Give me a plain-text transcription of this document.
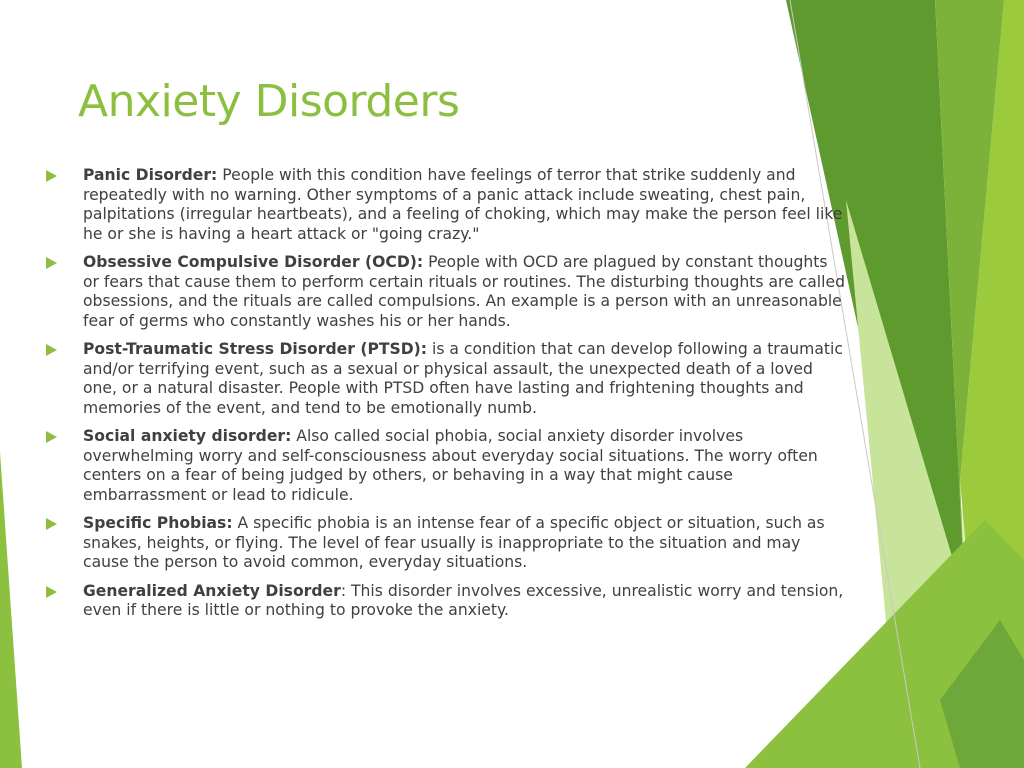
Anxiety Disorders
Panic Disorder: People with this condition have feelings of terror that strike suddenly and repeatedly with no warning. Other symptoms of a panic attack include sweating, chest pain, palpitations (irregular heartbeats), and a feeling of choking, which may make the person feel like he or she is having a heart attack or "going crazy."
Obsessive Compulsive Disorder (OCD): People with OCD are plagued by constant thoughts or fears that cause them to perform certain rituals or routines. The disturbing thoughts are called obsessions, and the rituals are called compulsions. An example is a person with an unreasonable fear of germs who constantly washes his or her hands.
Post-Traumatic Stress Disorder (PTSD): is a condition that can develop following a traumatic and/or terrifying event, such as a sexual or physical assault, the unexpected death of a loved one, or a natural disaster. People with PTSD often have lasting and frightening thoughts and memories of the event, and tend to be emotionally numb.
Social anxiety disorder: Also called social phobia, social anxiety disorder involves overwhelming worry and self-consciousness about everyday social situations. The worry often centers on a fear of being judged by others, or behaving in a way that might cause embarrassment or lead to ridicule.
Specific Phobias: A specific phobia is an intense fear of a specific object or situation, such as snakes, heights, or flying. The level of fear usually is inappropriate to the situation and may cause the person to avoid common, everyday situations.
Generalized Anxiety Disorder: This disorder involves excessive, unrealistic worry and tension, even if there is little or nothing to provoke the anxiety.
